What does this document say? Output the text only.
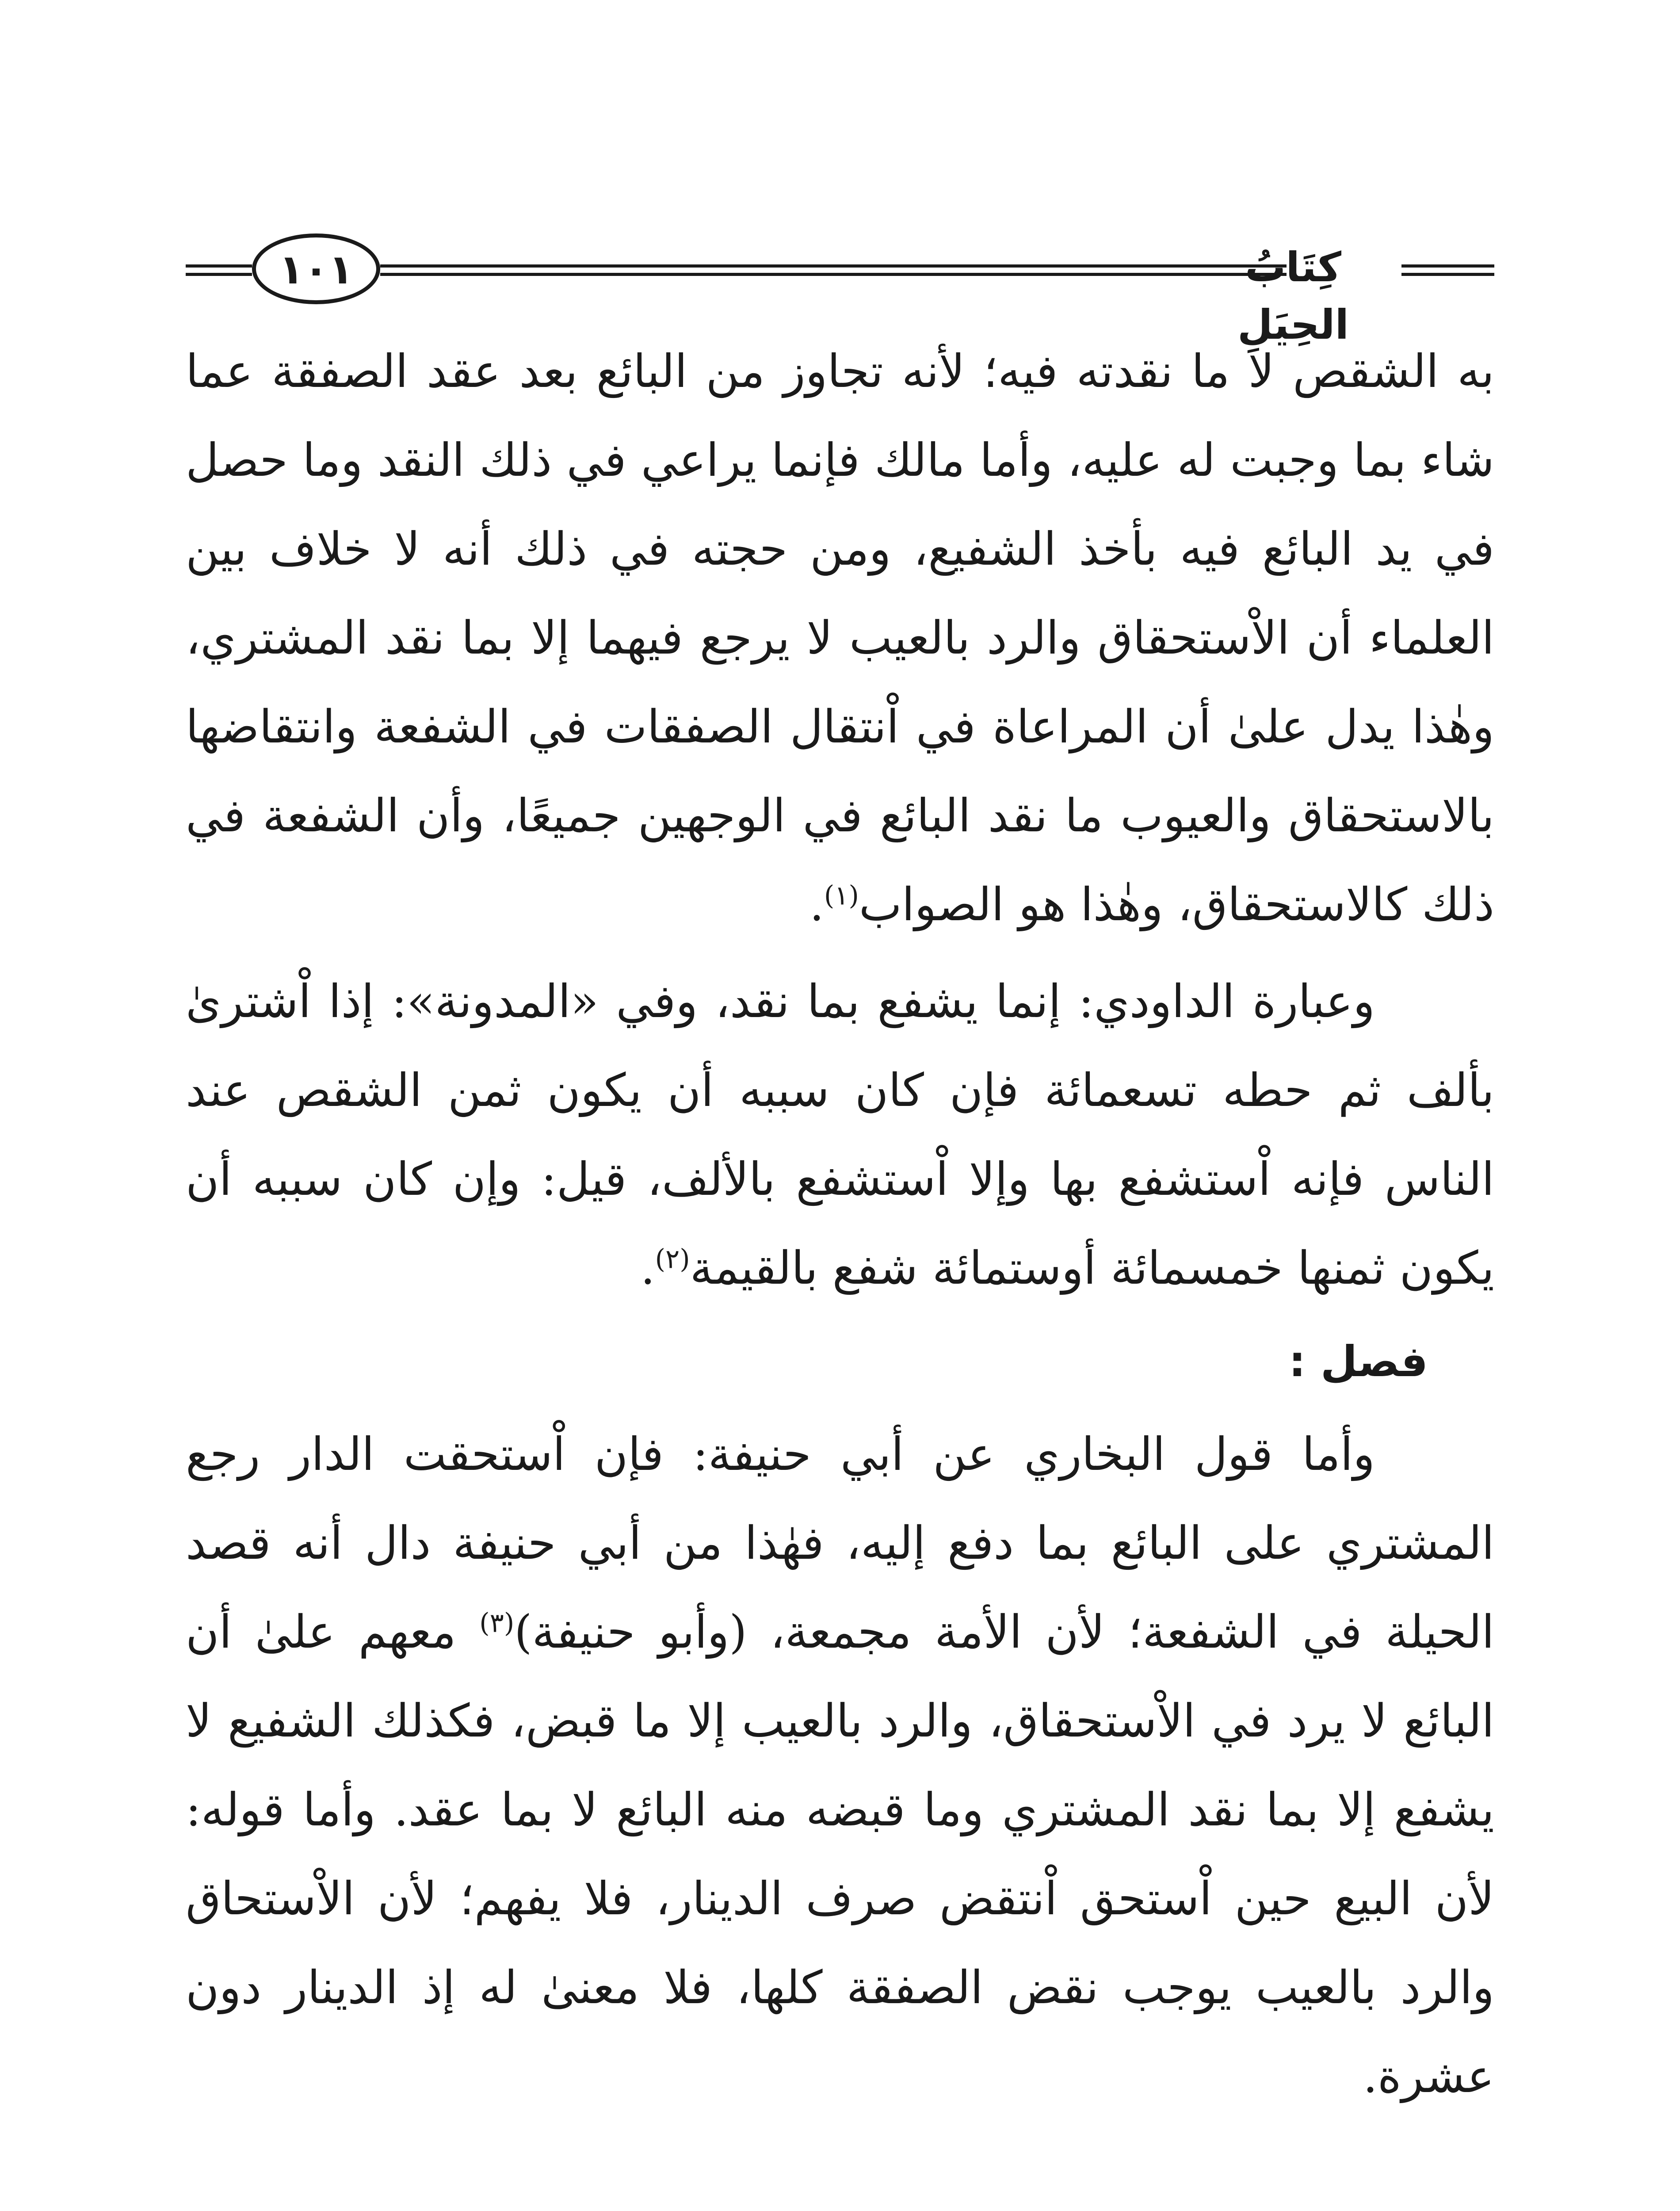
كِتَابُ الحِيَلِ
١٠١

به الشقص لا ما نقدته فيه؛ لأنه تجاوز من البائع بعد عقد الصفقة عما شاء بما وجبت له عليه، وأما مالك فإنما يراعي في ذلك النقد وما حصل في يد البائع فيه بأخذ الشفيع، ومن حجته في ذلك أنه لا خلاف بين العلماء أن الاْستحقاق والرد بالعيب لا يرجع فيهما إلا بما نقد المشتري، وهٰذا يدل علىٰ أن المراعاة في اْنتقال الصفقات في الشفعة وانتقاضها بالاستحقاق والعيوب ما نقد البائع في الوجهين جميعًا، وأن الشفعة في ذلك كالاستحقاق، وهٰذا هو الصواب$^{(١)}$.

وعبارة الداودي: إنما يشفع بما نقد، وفي «المدونة»: إذا اْشترىٰ بألف ثم حطه تسعمائة فإن كان سببه أن يكون ثمن الشقص عند الناس فإنه اْستشفع بها وإلا اْستشفع بالألف، قيل: وإن كان سببه أن يكون ثمنها خمسمائة أوستمائة شفع بالقيمة$^{(٢)}$.

فصل :

وأما قول البخاري عن أبي حنيفة: فإن اْستحقت الدار رجع المشتري على البائع بما دفع إليه، فهٰذا من أبي حنيفة دال أنه قصد الحيلة في الشفعة؛ لأن الأمة مجمعة، (وأبو حنيفة)$^{(٣)}$ معهم علىٰ أن البائع لا يرد في الاْستحقاق، والرد بالعيب إلا ما قبض، فكذلك الشفيع لا يشفع إلا بما نقد المشتري وما قبضه منه البائع لا بما عقد. وأما قوله: لأن البيع حين اْستحق اْنتقض صرف الدينار، فلا يفهم؛ لأن الاْستحاق والرد بالعيب يوجب نقض الصفقة كلها، فلا معنىٰ له إذ الدينار دون عشرة.
